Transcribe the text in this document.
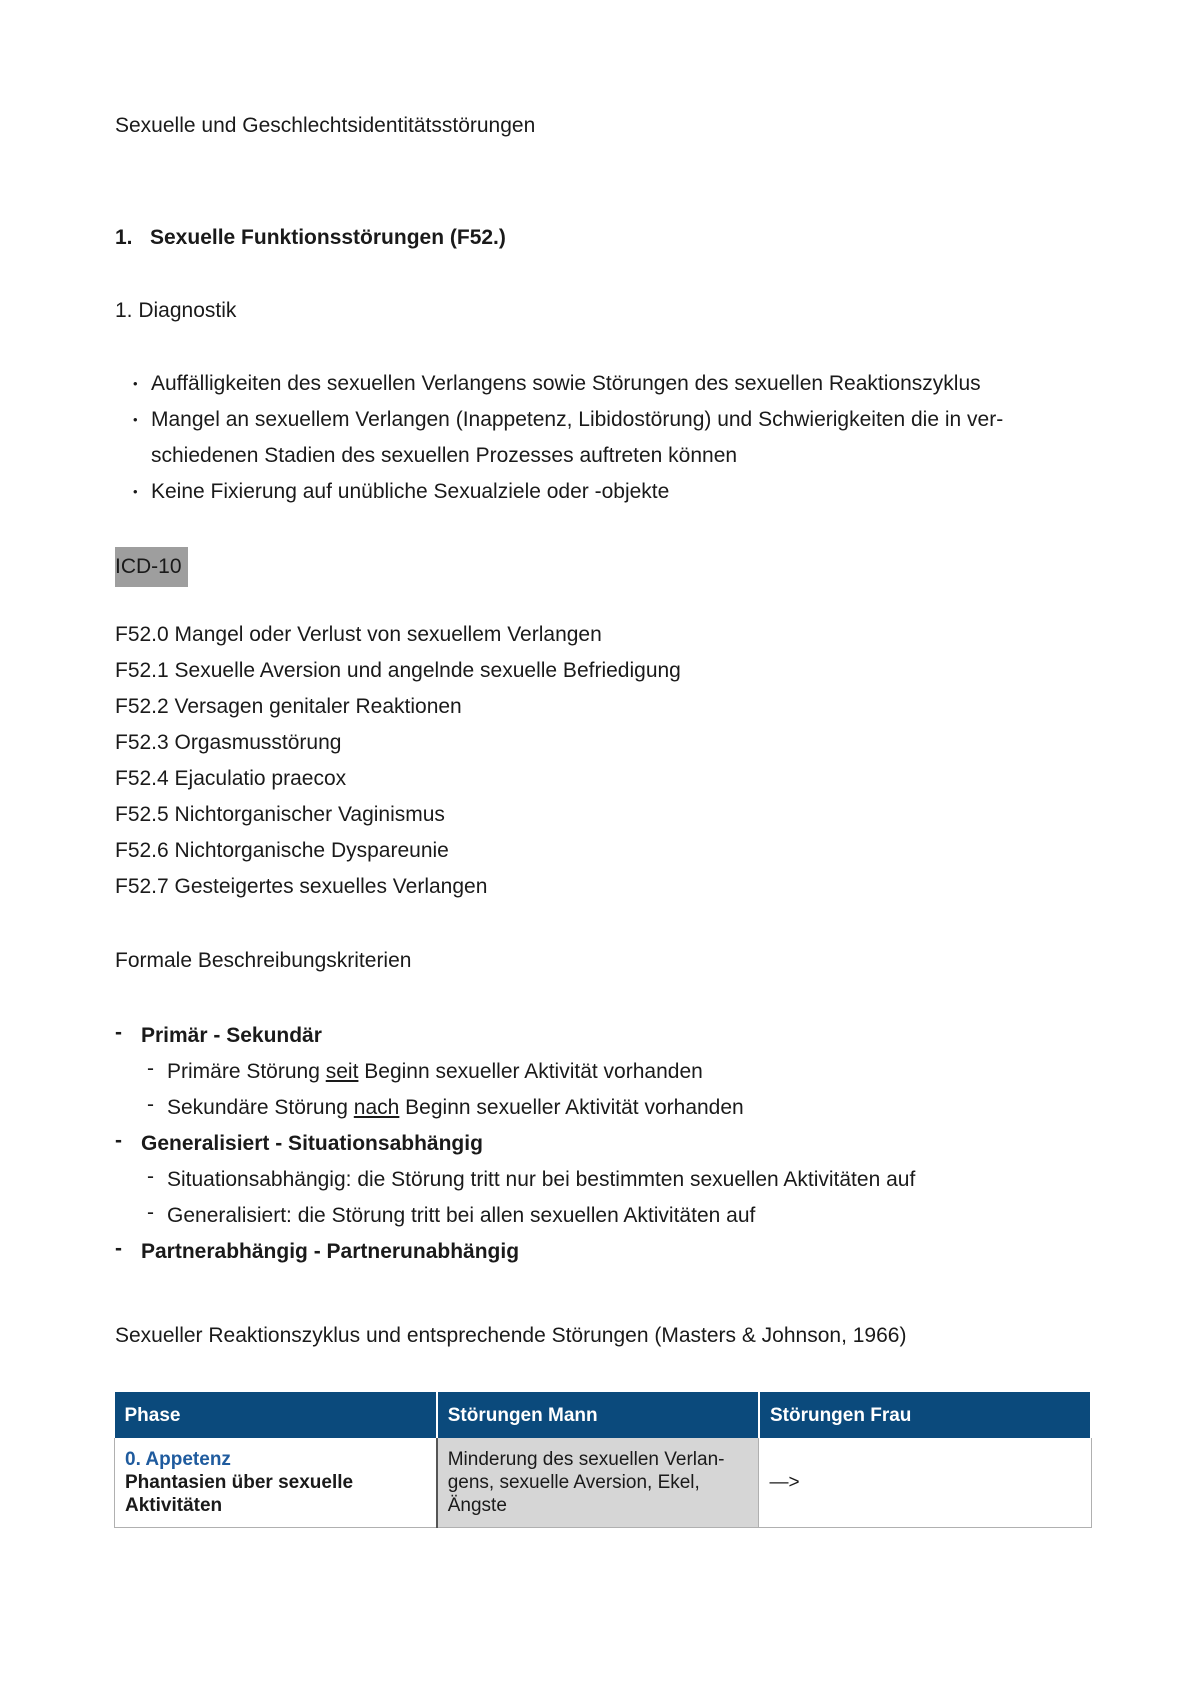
Sexuelle und Geschlechtsidentitätsstörungen
1. Sexuelle Funktionsstörungen (F52.)
1. Diagnostik
• Auffälligkeiten des sexuellen Verlangens sowie Störungen des sexuellen Reaktionszyklus
• Mangel an sexuellem Verlangen (Inappetenz, Libidostörung) und Schwierigkeiten die in ver-
schiedenen Stadien des sexuellen Prozesses auftreten können
• Keine Fixierung auf unübliche Sexualziele oder -objekte
ICD-10
F52.0 Mangel oder Verlust von sexuellem Verlangen
F52.1 Sexuelle Aversion und angelnde sexuelle Befriedigung
F52.2 Versagen genitaler Reaktionen
F52.3 Orgasmusstörung
F52.4 Ejaculatio praecox
F52.5 Nichtorganischer Vaginismus
F52.6 Nichtorganische Dyspareunie
F52.7 Gesteigertes sexuelles Verlangen
Formale Beschreibungskriterien
- Primär - Sekundär
- Primäre Störung seit Beginn sexueller Aktivität vorhanden
- Sekundäre Störung nach Beginn sexueller Aktivität vorhanden
- Generalisiert - Situationsabhängig
- Situationsabhängig: die Störung tritt nur bei bestimmten sexuellen Aktivitäten auf
- Generalisiert: die Störung tritt bei allen sexuellen Aktivitäten auf
- Partnerabhängig - Partnerunabhängig
Sexueller Reaktionszyklus und entsprechende Störungen (Masters & Johnson, 1966)
Phase	Störungen Mann	Störungen Frau

0. Appetenz
Phantasien über sexuelle Aktivitäten	Minderung des sexuellen Verlan-gens, sexuelle Aversion, Ekel, Ängste	—>
